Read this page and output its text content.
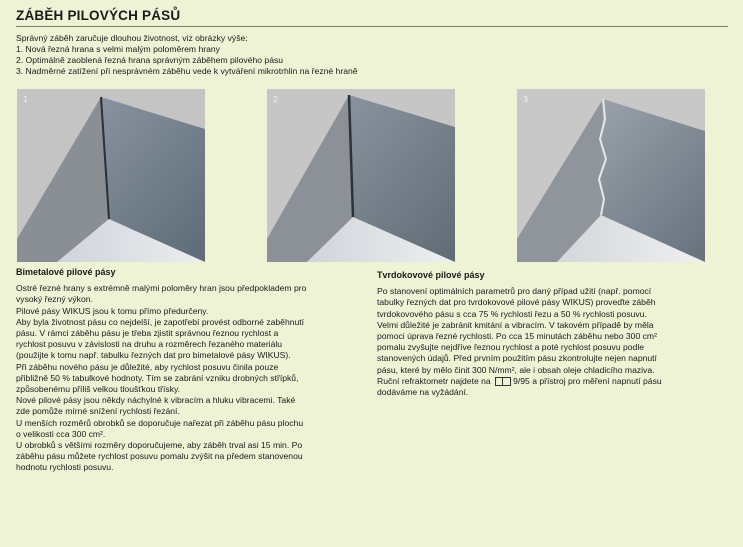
ZÁBĚH PILOVÝCH PÁSŮ
Správný záběh zaručuje dlouhou životnost, viz obrázky výše:
1. Nová řezná hrana s velmi malým poloměrem hrany
2. Optimálně zaoblená řezná hrana správným záběhem pilového pásu
3. Nadměrné zatížení při nesprávném záběhu vede k vytváření mikrotrhlin na řezné hraně
1	2	3
Bimetalové pilové pásy
Ostré řezné hrany s extrémně malými poloměry hran jsou předpokladem pro
vysoký řezný výkon.
Pilové pásy WIKUS jsou k tomu přímo předurčeny.
Aby byla životnost pásu co nejdelší, je zapotřebí provést odborné zaběhnutí
pásu. V rámci záběhu pásu je třeba zjistit správnou řeznou rychlost a
rychlost posuvu v závislosti na druhu a rozměrech řezaného materiálu
(použijte k tomu např. tabulku řezných dat pro bimetalové pásy WIKUS).
Při záběhu nového pásu je důležité, aby rychlost posuvu činila pouze
přibližně 50 % tabulkové hodnoty. Tím se zabrání vzniku drobných střípků,
způsobenému příliš velkou tloušťkou třísky.
Nové pilové pásy jsou někdy náchylné k vibracím a hluku vibracemi. Také
zde pomůže mírné snížení rychlosti řezání.
U menších rozměrů obrobků se doporučuje nařezat při záběhu pásu plochu
o velikosti cca 300 cm².
U obrobků s většími rozměry doporučujeme, aby záběh trval asi 15 min. Po
záběhu pásu můžete rychlost posuvu pomalu zvýšit na předem stanovenou
hodnotu rychlosti posuvu.
Tvrdokovové pilové pásy
Po stanovení optimálních parametrů pro daný případ užití (např. pomocí
tabulky řezných dat pro tvrdokovové pilové pásy WIKUS) proveďte záběh
tvrdokovového pásu s cca 75 % rychlosti řezu a 50 % rychlosti posuvu.
Velmi důležité je zabránit kmitání a vibracím. V takovém případě by měla
pomoci úprava řezné rychlosti. Po cca 15 minutách záběhu nebo 300 cm²
pomalu zvyšujte nejdříve řeznou rychlost a poté rychlost posuvu podle
stanovených údajů. Před prvním použitím pásu zkontrolujte nejen napnutí
pásu, které by mělo činit 300 N/mm², ale i obsah oleje chladicího maziva.
Ruční refraktometr najdete na	9/95 a přístroj pro měření napnutí pásu
dodáváme na vyžádání.
